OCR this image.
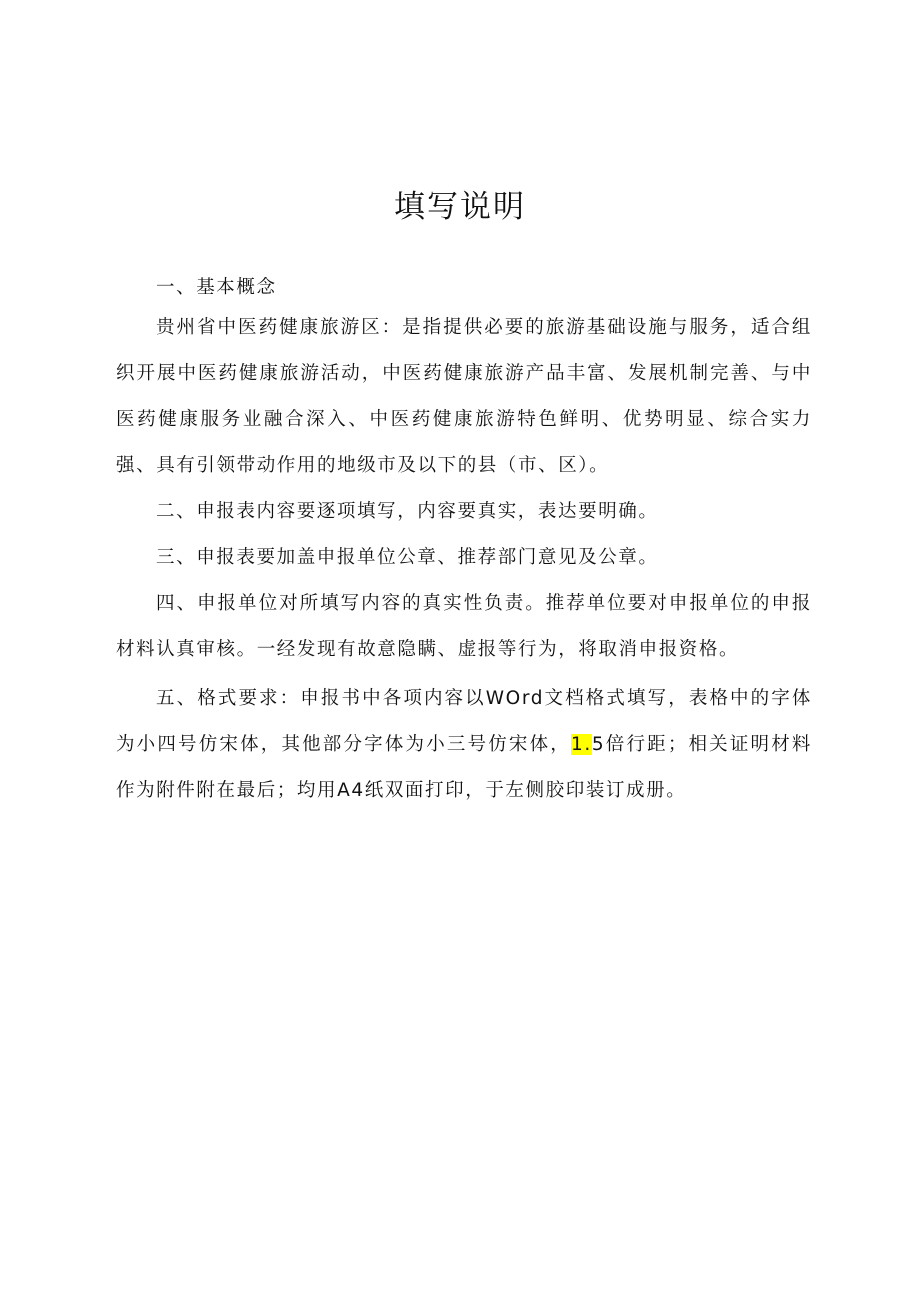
填写说明

一、基本概念

贵州省中医药健康旅游区：是指提供必要的旅游基础设施与服务，适合组织开展中医药健康旅游活动，中医药健康旅游产品丰富、发展机制完善、与中医药健康服务业融合深入、中医药健康旅游特色鲜明、优势明显、综合实力强、具有引领带动作用的地级市及以下的县（市、区）。

二、申报表内容要逐项填写，内容要真实，表达要明确。

三、申报表要加盖申报单位公章、推荐部门意见及公章。

四、申报单位对所填写内容的真实性负责。推荐单位要对申报单位的申报材料认真审核。一经发现有故意隐瞒、虚报等行为，将取消申报资格。

五、格式要求：申报书中各项内容以WOrd文档格式填写，表格中的字体为小四号仿宋体，其他部分字体为小三号仿宋体，1.5倍行距；相关证明材料作为附件附在最后；均用A4纸双面打印，于左侧胶印装订成册。
